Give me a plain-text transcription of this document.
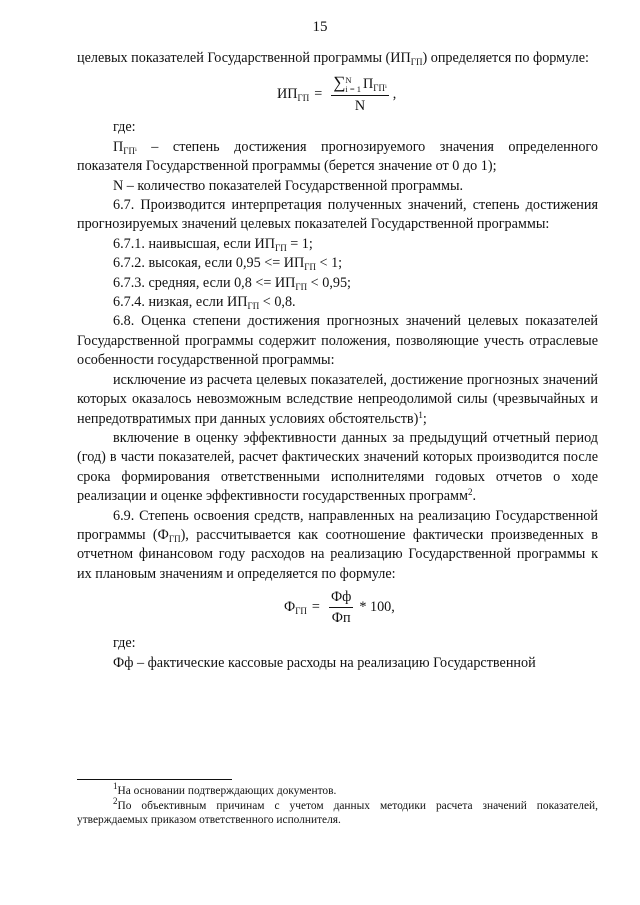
15

целевых показателей Государственной программы $(ИП_{ГП})$ определяется по формуле:

$ИП_{ГП}$ = ∑ N
i = 1 $П_{ГП^i}$
N ,

где:

$П_{ГП^i}$ – степень достижения прогнозируемого значения определенного показателя Государственной программы (берется значение от 0 до 1);

N – количество показателей Государственной программы.

6.7. Производится интерпретация полученных значений, степень достижения прогнозируемых значений целевых показателей Государственной программы:

6.7.1. наивысшая, если $ИП_{ГП} = 1$;

6.7.2. высокая, если $0,95 <= ИП_{ГП} < 1$;

6.7.3. средняя, если $0,8 <= ИП_{ГП} < 0,95$;

6.7.4. низкая, если $ИП_{ГП} < 0,8$.

6.8. Оценка степени достижения прогнозных значений целевых показателей Государственной программы содержит положения, позволяющие учесть отраслевые особенности государственной программы:

исключение из расчета целевых показателей, достижение прогнозных значений которых оказалось невозможным вследствие непреодолимой силы (чрезвычайных и непредотвратимых при данных условиях обстоятельств)$^1$;

включение в оценку эффективности данных за предыдущий отчетный период (год) в части показателей, расчет фактических значений которых производится после срока формирования ответственными исполнителями годовых отчетов о ходе реализации и оценке эффективности государственных программ$^2$.

6.9. Степень освоения средств, направленных на реализацию Государственной программы $(Ф_{ГП})$, рассчитывается как соотношение фактически произведенных в отчетном финансовом году расходов на реализацию Государственной программы к их плановым значениям и определяется по формуле:

$Ф_{ГП} = \frac{Фф}{Фп} * 100$,

где:

Фф – фактические кассовые расходы на реализацию Государственной

$^1$На основании подтверждающих документов.

$^2$По объективным причинам с учетом данных методики расчета значений показателей, утверждаемых приказом ответственного исполнителя.
